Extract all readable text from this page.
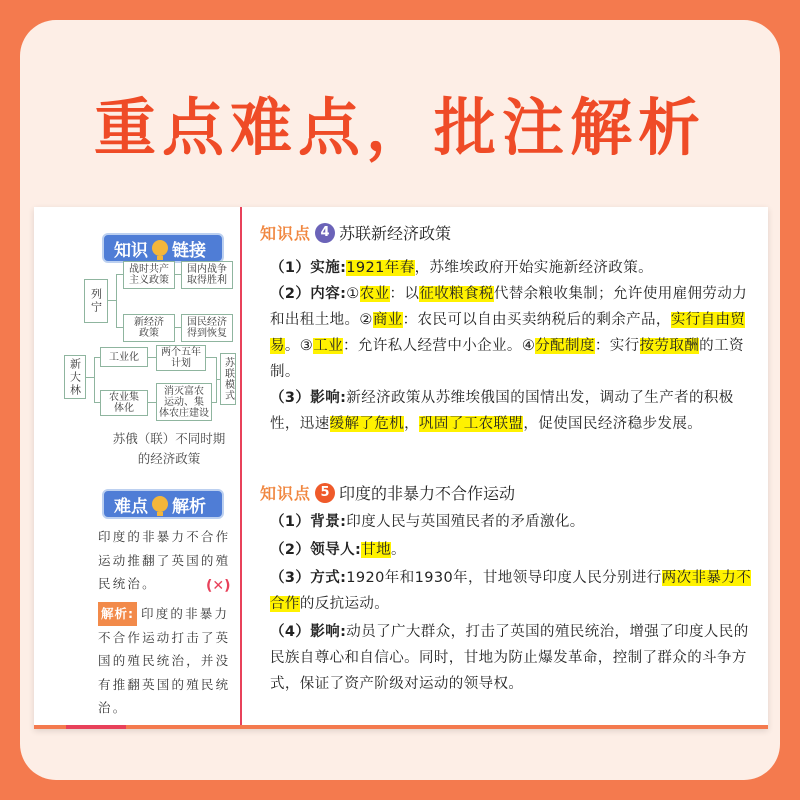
重点难点，批注解析
知识 链接
列宁
战时共产
主义政策
国内战争
取得胜利
新经济
政策
国民经济
得到恢复
新大林
工业化 两个五年
计划
农业集
体化
消灭富农
运动、集
体农庄建设
苏联模式
苏俄（联）不同时期
的经济政策
难点 解析
印度的非暴力不合作运动推翻了英国的殖民统治。	(✕)
解析: 印度的非暴力不合作运动打击了英国的殖民统治，并没有推翻英国的殖民统治。
知识点 4 苏联新经济政策
（1）实施:1921年春，苏维埃政府开始实施新经济政策。
（2）内容:①农业：以征收粮食税代替余粮收集制；允许使用雇佣劳动力和出租土地。②商业：农民可以自由买卖纳税后的剩余产品，实行自由贸易。③工业：允许私人经营中小企业。④分配制度：实行按劳取酬的工资制。
（3）影响:新经济政策从苏维埃俄国的国情出发，调动了生产者的积极性，迅速缓解了危机，巩固了工农联盟，促使国民经济稳步发展。
知识点 5 印度的非暴力不合作运动
（1）背景:印度人民与英国殖民者的矛盾激化。
（2）领导人:甘地。
（3）方式:1920年和1930年，甘地领导印度人民分别进行两次非暴力不合作的反抗运动。
（4）影响:动员了广大群众，打击了英国的殖民统治，增强了印度人民的民族自尊心和自信心。同时，甘地为防止爆发革命，控制了群众的斗争方式，保证了资产阶级对运动的领导权。
